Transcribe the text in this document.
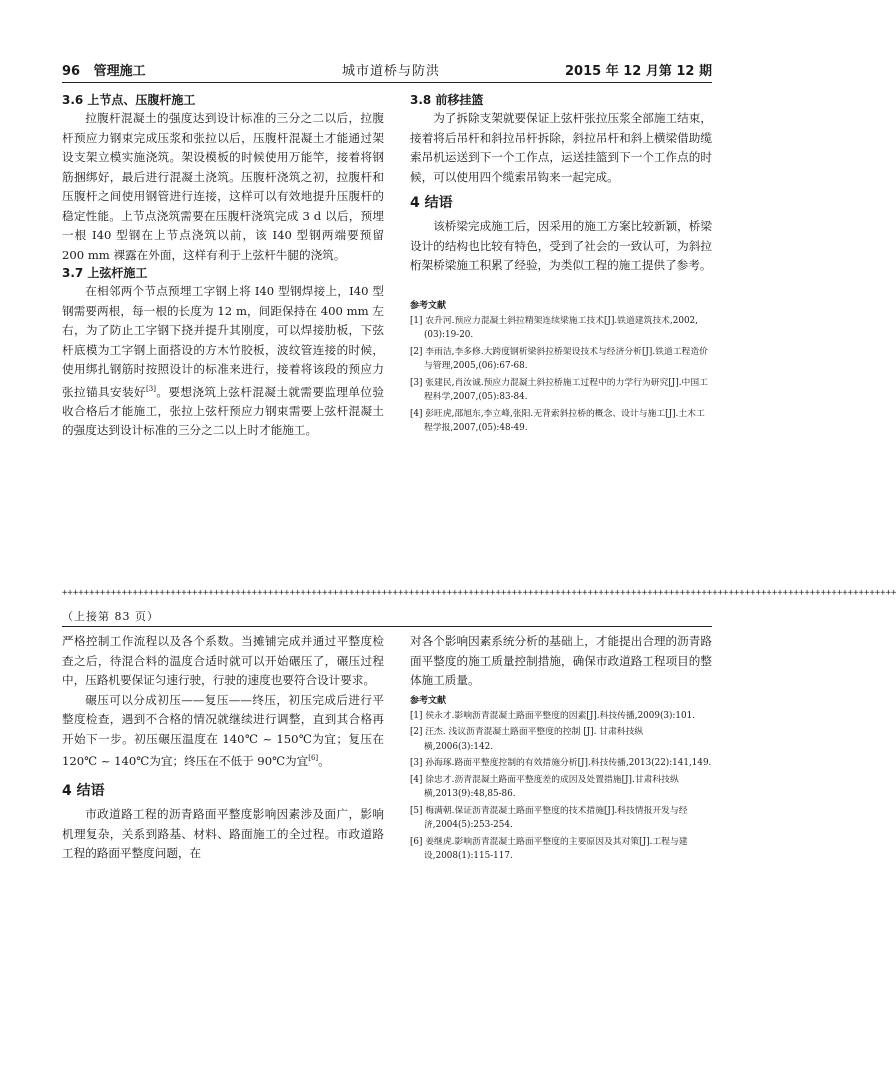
96 管理施工	城市道桥与防洪	2015 年 12 月第 12 期
3.6 上节点、压腹杆施工

拉腹杆混凝土的强度达到设计标准的三分之二以后，拉腹杆预应力钢束完成压浆和张拉以后，压腹杆混凝土才能通过架设支架立模实施浇筑。架设模板的时候使用万能竿，接着将钢筋捆绑好，最后进行混凝土浇筑。压腹杆浇筑之初，拉腹杆和压腹杆之间使用钢管进行连接，这样可以有效地提升压腹杆的稳定性能。上节点浇筑需要在压腹杆浇筑完成 3 d 以后，预埋一根 I40 型钢在上节点浇筑以前，该 I40 型钢两端要预留 200 mm 裸露在外面，这样有利于上弦杆牛腿的浇筑。

3.7 上弦杆施工

在相邻两个节点预埋工字钢上将 I40 型钢焊接上，I40 型钢需要两根，每一根的长度为 12 m，间距保持在 400 mm 左右，为了防止工字钢下挠并提升其刚度，可以焊接肋板，下弦杆底模为工字钢上面搭设的方木竹胶板，波纹管连接的时候，使用绑扎钢筋时按照设计的标准来进行，接着将该段的预应力张拉锚具安装好[3]。要想浇筑上弦杆混凝土就需要监理单位验收合格后才能施工，张拉上弦杆预应力钢束需要上弦杆混凝土的强度达到设计标准的三分之二以上时才能施工。

3.8 前移挂篮

为了拆除支架就要保证上弦杆张拉压浆全部施工结束，接着将后吊杆和斜拉吊杆拆除，斜拉吊杆和斜上横梁借助缆索吊机运送到下一个工作点，运送挂篮到下一个工作点的时候，可以使用四个缆索吊钩来一起完成。

4 结语

该桥梁完成施工后，因采用的施工方案比较新颖，桥梁设计的结构也比较有特色，受到了社会的一致认可，为斜拉桁架桥梁施工积累了经验，为类似工程的施工提供了参考。

参考文献
[1] 农升河.预应力混凝土斜拉精架连续梁施工技术[J].铁道建筑技术,2002,(03):19-20.
[2] 李雨洁,李多修.大跨度钢析梁斜拉桥架设技术与经济分析[J].铁道工程造价与管理,2005,(06):67-68.
[3] 张建民,肖汝诚.预应力混凝土斜拉桥施工过程中的力学行为研究[J].中国工程科学,2007,(05):83-84.
[4] 彭旺虎,邵旭东,李立峰,张阳.无背索斜拉桥的概念、设计与施工[J].土木工程学报,2007,(05):48-49.
++++++++++++++++++++++++++++++++++++++++++++++++++++++++++++++++++++++++++++++++++++++++++++++++++++++++++++++++++++++++++++++++++++++++++++++++++++++++++
（上接第 83 页）

严格控制工作流程以及各个系数。当摊铺完成并通过平整度检查之后，待混合料的温度合适时就可以开始碾压了，碾压过程中，压路机要保证匀速行驶，行驶的速度也要符合设计要求。

碾压可以分成初压——复压——终压，初压完成后进行平整度检查，遇到不合格的情况就继续进行调整，直到其合格再开始下一步。初压碾压温度在 140℃ ~ 150℃为宜；复压在 120℃ ~ 140℃为宜；终压在不低于 90℃为宜[6]。

4 结语

市政道路工程的沥青路面平整度影响因素涉及面广，影响机理复杂，关系到路基、材料、路面施工的全过程。市政道路工程的路面平整度问题，在

对各个影响因素系统分析的基础上，才能提出合理的沥青路面平整度的施工质量控制措施，确保市政道路工程项目的整体施工质量。

参考文献
[1] 侯永才.影响沥青混凝土路面平整度的因素[J].科技传播,2009(3):101.
[2] 汪杰. 浅议沥青混凝土路面平整度的控制 [J]. 甘肃科技纵横,2006(3):142.
[3] 孙海琢.路面平整度控制的有效措施分析[J].科技传播,2013(22):141,149.
[4] 徐忠才.沥青混凝土路面平整度差的成因及处置措施[J].甘肃科技纵横,2013(9):48,85-86.
[5] 梅满朝.保证沥青混凝土路面平整度的技术措施[J].科技情报开发与经济,2004(5):253-254.
[6] 姜继虎.影响沥青混凝土路面平整度的主要原因及其对策[J].工程与建设,2008(1):115-117.
